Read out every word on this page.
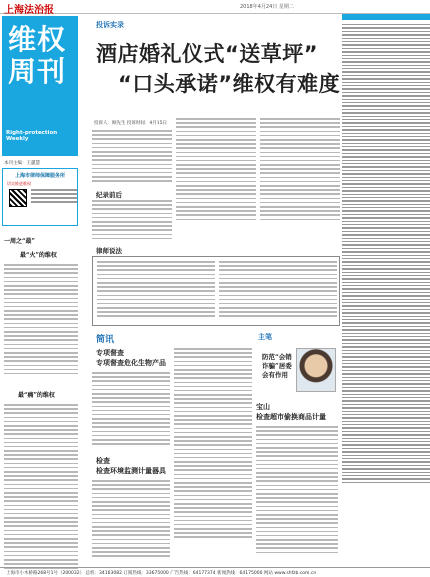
上海法治报	2018年4月24日 星期二
维权
周刊
Right-protection Weekly
本刊主编：王蕙慧
上海市律师保障服务所
切实推进维权
一周之“最”
最“火”的维权
最“痛”的维权
投诉实录
酒店婚礼仪式“送草坪”
“口头承诺”维权有难度
投诉人：顾先生 投诉时间：4月15日
纪录前后
律师说法
简讯
专项督查
专项督查危化生物产品
检查
检查环境监测计量器具
宝山
检查超市偷换商品计量
主笔
防范“会销诈骗”居委会有作用
上海市小木桥路268号1号（200032） 总机：34163082 订阅热线：33675000 广告热线：64177374 新闻热线：64175000 网站 www.shfzb.com.cn
